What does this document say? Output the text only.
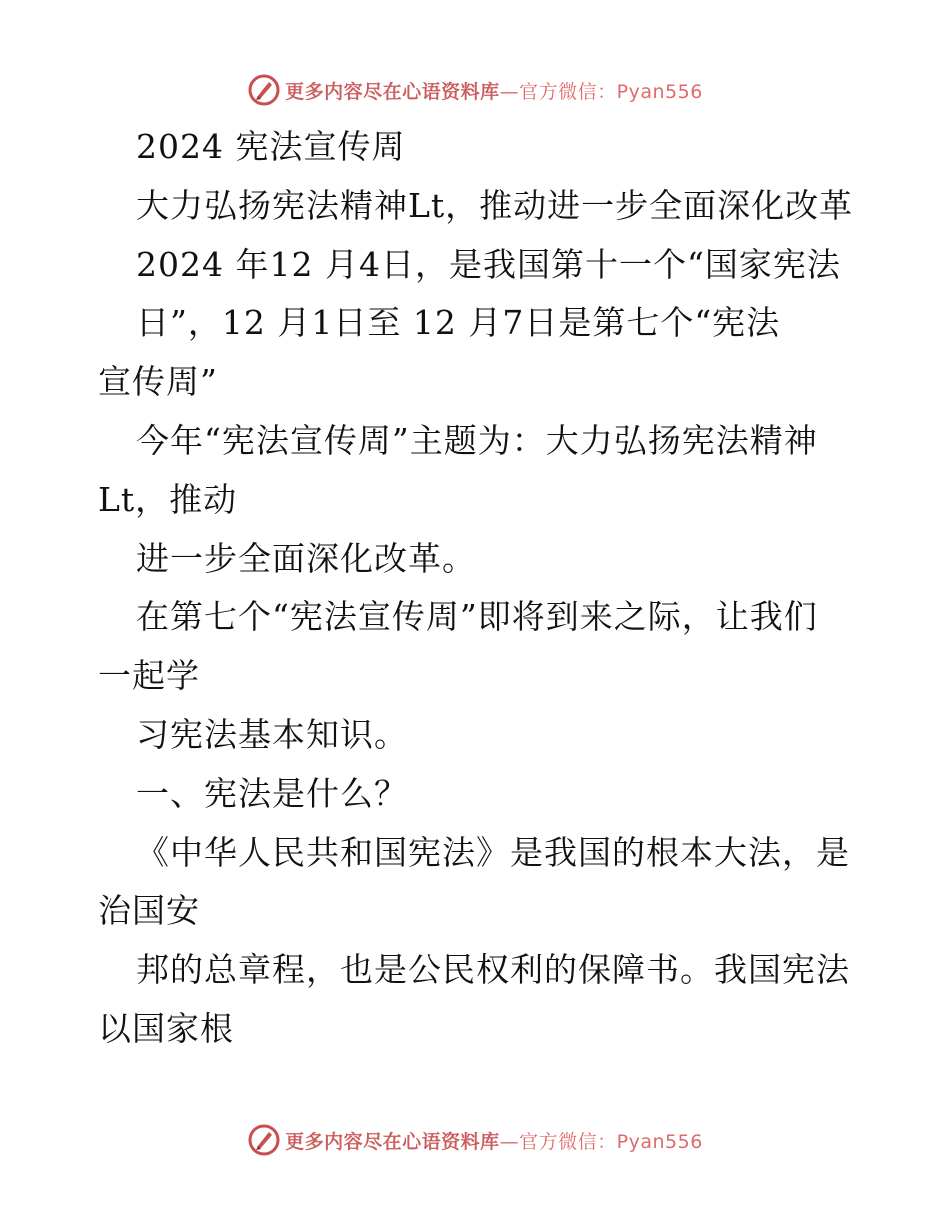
更多内容尽在心语资料库—官方微信：Pyan556
2024 宪法宣传周
大力弘扬宪法精神Lt，推动进一步全面深化改革
2024 年12 月4日，是我国第十一个“国家宪法
日”，12 月1日至 12 月7日是第七个“宪法
宣传周”
今年“宪法宣传周”主题为：大力弘扬宪法精神
Lt，推动
进一步全面深化改革。
在第七个“宪法宣传周”即将到来之际，让我们
一起学
习宪法基本知识。
一、宪法是什么？
《中华人民共和国宪法》是我国的根本大法，是
治国安
邦的总章程，也是公民权利的保障书。我国宪法
以国家根
更多内容尽在心语资料库—官方微信：Pyan556
